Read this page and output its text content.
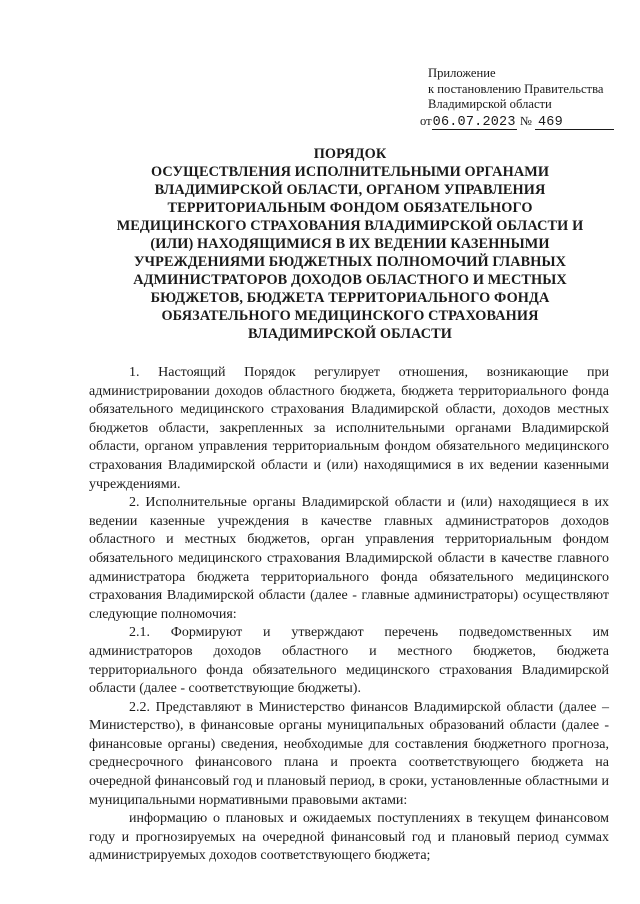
Приложение
к постановлению Правительства
Владимирской области
от06.07.2023 № 469
ПОРЯДОК
ОСУЩЕСТВЛЕНИЯ ИСПОЛНИТЕЛЬНЫМИ ОРГАНАМИ
ВЛАДИМИРСКОЙ ОБЛАСТИ, ОРГАНОМ УПРАВЛЕНИЯ
ТЕРРИТОРИАЛЬНЫМ ФОНДОМ ОБЯЗАТЕЛЬНОГО
МЕДИЦИНСКОГО СТРАХОВАНИЯ ВЛАДИМИРСКОЙ ОБЛАСТИ И
(ИЛИ) НАХОДЯЩИМИСЯ В ИХ ВЕДЕНИИ КАЗЕННЫМИ
УЧРЕЖДЕНИЯМИ БЮДЖЕТНЫХ ПОЛНОМОЧИЙ ГЛАВНЫХ
АДМИНИСТРАТОРОВ ДОХОДОВ ОБЛАСТНОГО И МЕСТНЫХ
БЮДЖЕТОВ, БЮДЖЕТА ТЕРРИТОРИАЛЬНОГО ФОНДА
ОБЯЗАТЕЛЬНОГО МЕДИЦИНСКОГО СТРАХОВАНИЯ
ВЛАДИМИРСКОЙ ОБЛАСТИ

1. Настоящий Порядок регулирует отношения, возникающие при администрировании доходов областного бюджета, бюджета территориального фонда обязательного медицинского страхования Владимирской области, доходов местных бюджетов области, закрепленных за исполнительными органами Владимирской области, органом управления территориальным фондом обязательного медицинского страхования Владимирской области и (или) находящимися в их ведении казенными учреждениями.

2. Исполнительные органы Владимирской области и (или) находящиеся в их ведении казенные учреждения в качестве главных администраторов доходов областного и местных бюджетов, орган управления территориальным фондом обязательного медицинского страхования Владимирской области в качестве главного администратора бюджета территориального фонда обязательного медицинского страхования Владимирской области (далее - главные администраторы) осуществляют следующие полномочия:

2.1. Формируют и утверждают перечень подведомственных им администраторов доходов областного и местного бюджетов, бюджета территориального фонда обязательного медицинского страхования Владимирской области (далее - соответствующие бюджеты).

2.2. Представляют в Министерство финансов Владимирской области (далее – Министерство), в финансовые органы муниципальных образований области (далее - финансовые органы) сведения, необходимые для составления бюджетного прогноза, среднесрочного финансового плана и проекта соответствующего бюджета на очередной финансовый год и плановый период, в сроки, установленные областными и муниципальными нормативными правовыми актами:

информацию о плановых и ожидаемых поступлениях в текущем финансовом году и прогнозируемых на очередной финансовый год и плановый период суммах администрируемых доходов соответствующего бюджета;
